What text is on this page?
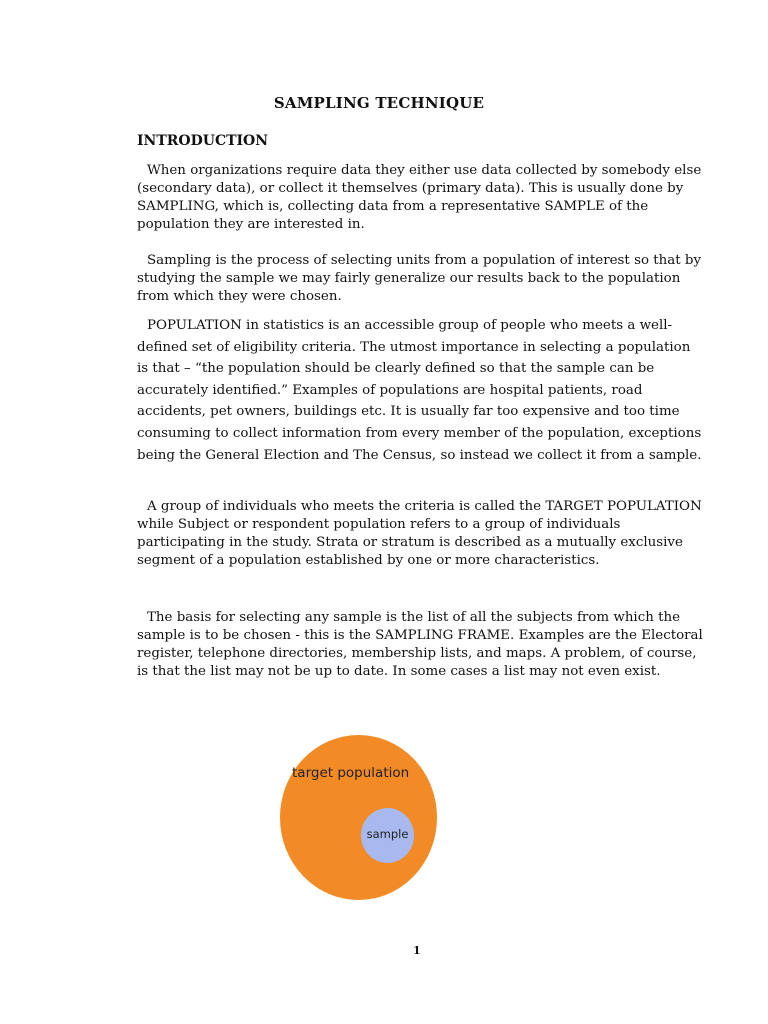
SAMPLING TECHNIQUE
INTRODUCTION

When organizations require data they either use data collected by somebody else (secondary data), or collect it themselves (primary data). This is usually done by SAMPLING, which is, collecting data from a representative SAMPLE of the population they are interested in.

Sampling is the process of selecting units from a population of interest so that by studying the sample we may fairly generalize our results back to the population from which they were chosen.

POPULATION in statistics is an accessible group of people who meets a well-defined set of eligibility criteria. The utmost importance in selecting a population is that – “the population should be clearly defined so that the sample can be accurately identified.” Examples of populations are hospital patients, road accidents, pet owners, buildings etc. It is usually far too expensive and too time consuming to collect information from every member of the population, exceptions being the General Election and The Census, so instead we collect it from a sample.

A group of individuals who meets the criteria is called the TARGET POPULATION while Subject or respondent population refers to a group of individuals participating in the study. Strata or stratum is described as a mutually exclusive segment of a population established by one or more characteristics.

The basis for selecting any sample is the list of all the subjects from which the sample is to be chosen - this is the SAMPLING FRAME. Examples are the Electoral register, telephone directories, membership lists, and maps. A problem, of course, is that the list may not be up to date. In some cases a list may not even exist.

target population
sample
1
